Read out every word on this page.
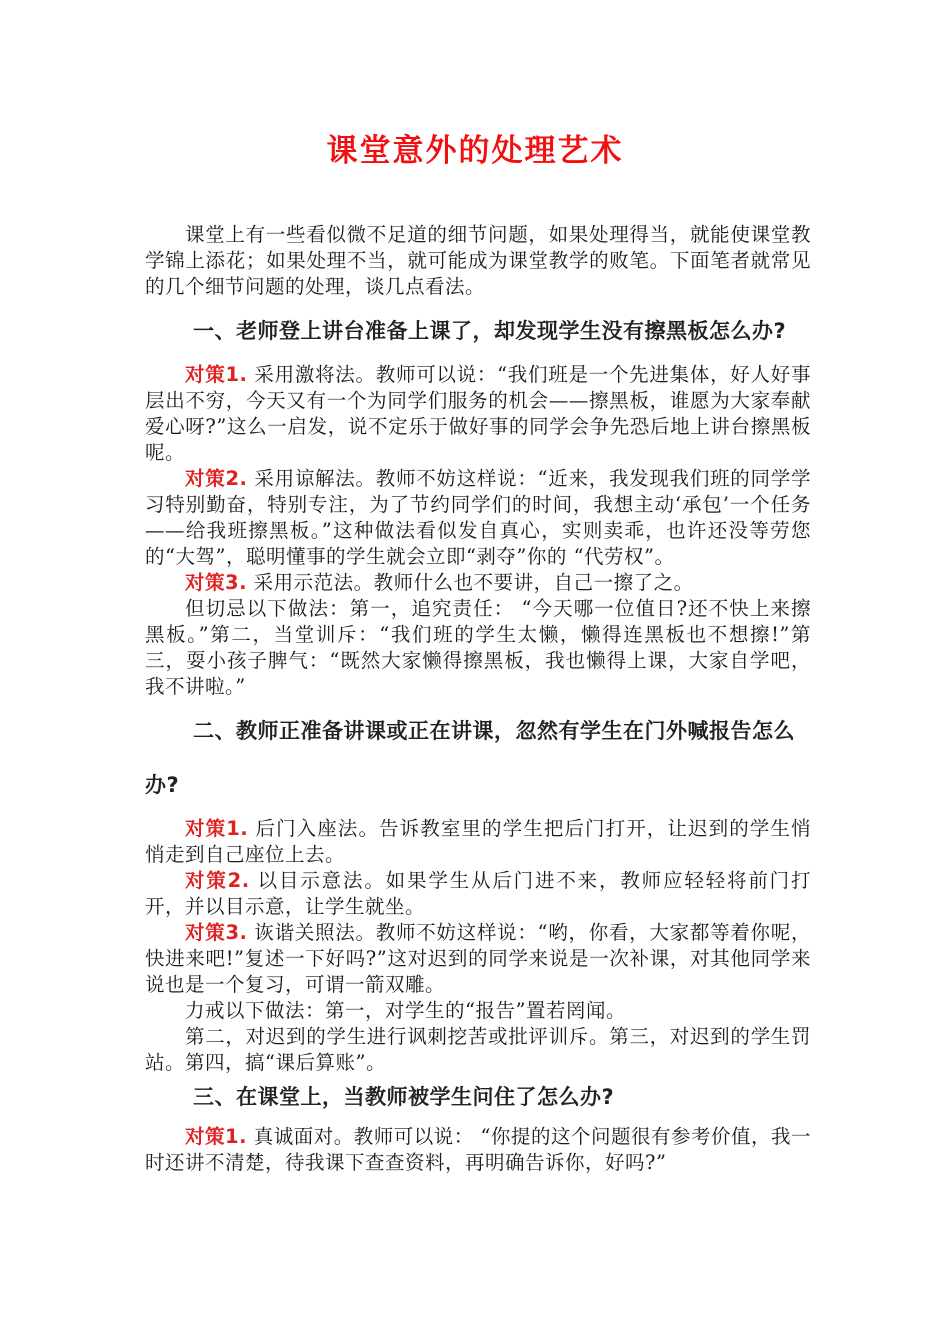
课堂意外的处理艺术

课堂上有一些看似微不足道的细节问题，如果处理得当，就能使课堂教学锦上添花；如果处理不当，就可能成为课堂教学的败笔。下面笔者就常见的几个细节问题的处理，谈几点看法。

一、老师登上讲台准备上课了，却发现学生没有擦黑板怎么办?

对策1. 采用激将法。教师可以说：“我们班是一个先进集体，好人好事层出不穷，今天又有一个为同学们服务的机会——擦黑板，谁愿为大家奉献爱心呀?”这么一启发，说不定乐于做好事的同学会争先恐后地上讲台擦黑板呢。

对策2. 采用谅解法。教师不妨这样说：“近来，我发现我们班的同学学习特别勤奋，特别专注，为了节约同学们的时间，我想主动‘承包’一个任务——给我班擦黑板。”这种做法看似发自真心，实则卖乖，也许还没等劳您的“大驾”，聪明懂事的学生就会立即“剥夺”你的 “代劳权”。

对策3. 采用示范法。教师什么也不要讲，自己一擦了之。

但切忌以下做法：第一，追究责任： “今天哪一位值日?还不快上来擦黑板。”第二，当堂训斥：“我们班的学生太懒，懒得连黑板也不想擦!”第三，耍小孩子脾气：“既然大家懒得擦黑板，我也懒得上课，大家自学吧，我不讲啦。”

二、教师正准备讲课或正在讲课，忽然有学生在门外喊报告怎么办?

对策1. 后门入座法。告诉教室里的学生把后门打开，让迟到的学生悄悄走到自己座位上去。

对策2. 以目示意法。如果学生从后门进不来，教师应轻轻将前门打开，并以目示意，让学生就坐。

对策3. 诙谐关照法。教师不妨这样说：“哟，你看，大家都等着你呢，快进来吧!”复述一下好吗?”这对迟到的同学来说是一次补课，对其他同学来说也是一个复习，可谓一箭双雕。

力戒以下做法：第一，对学生的“报告”置若罔闻。

第二，对迟到的学生进行讽刺挖苦或批评训斥。第三，对迟到的学生罚站。第四，搞“课后算账”。

三、在课堂上，当教师被学生问住了怎么办?

对策1. 真诚面对。教师可以说： “你提的这个问题很有参考价值，我一时还讲不清楚，待我课下查查资料，再明确告诉你，好吗?”
